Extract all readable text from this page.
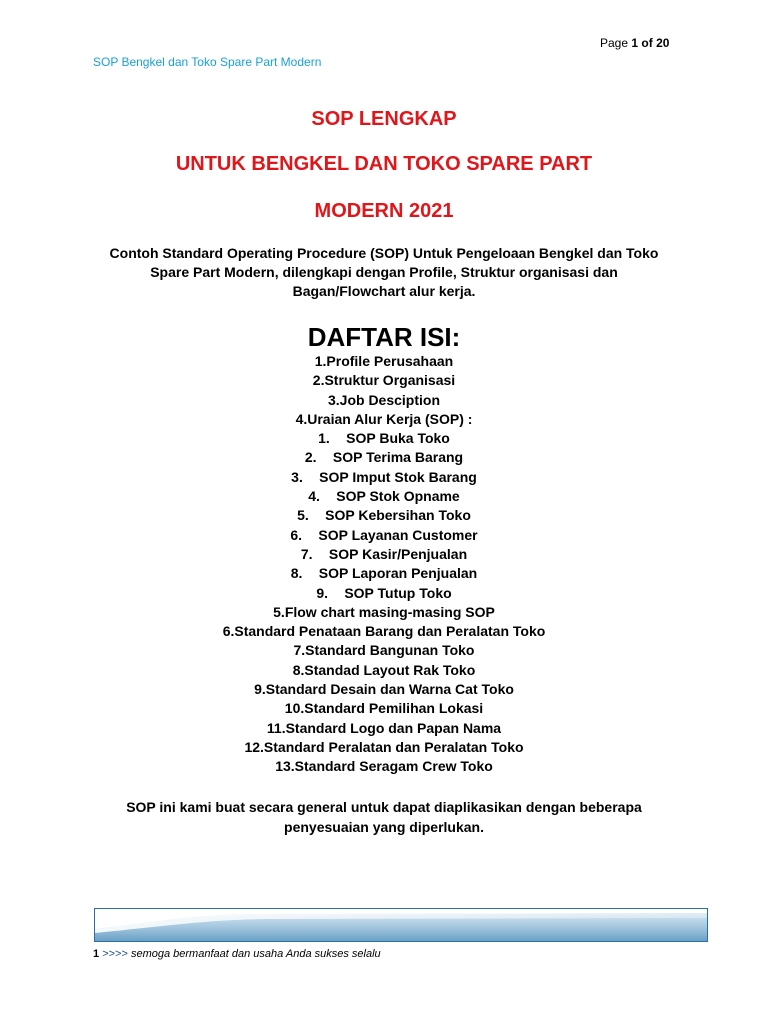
Page 1 of 20
SOP Bengkel dan Toko Spare Part Modern
SOP LENGKAP
UNTUK BENGKEL DAN TOKO SPARE PART
MODERN 2021
Contoh Standard Operating Procedure (SOP) Untuk Pengeloaan Bengkel dan Toko
Spare Part Modern, dilengkapi dengan Profile, Struktur organisasi dan
Bagan/Flowchart alur kerja.
DAFTAR ISI:
1.Profile Perusahaan
2.Struktur Organisasi
3.Job Desciption
4.Uraian Alur Kerja (SOP) :
1. SOP Buka Toko
2. SOP Terima Barang
3. SOP Imput Stok Barang
4. SOP Stok Opname
5. SOP Kebersihan Toko
6. SOP Layanan Customer
7. SOP Kasir/Penjualan
8. SOP Laporan Penjualan
9. SOP Tutup Toko
5.Flow chart masing-masing SOP
6.Standard Penataan Barang dan Peralatan Toko
7.Standard Bangunan Toko
8.Standad Layout Rak Toko
9.Standard Desain dan Warna Cat Toko
10.Standard Pemilihan Lokasi
11.Standard Logo dan Papan Nama
12.Standard Peralatan dan Peralatan Toko
13.Standard Seragam Crew Toko
SOP ini kami buat secara general untuk dapat diaplikasikan dengan beberapa
penyesuaian yang diperlukan.
1 >>>> semoga bermanfaat dan usaha Anda sukses selalu
